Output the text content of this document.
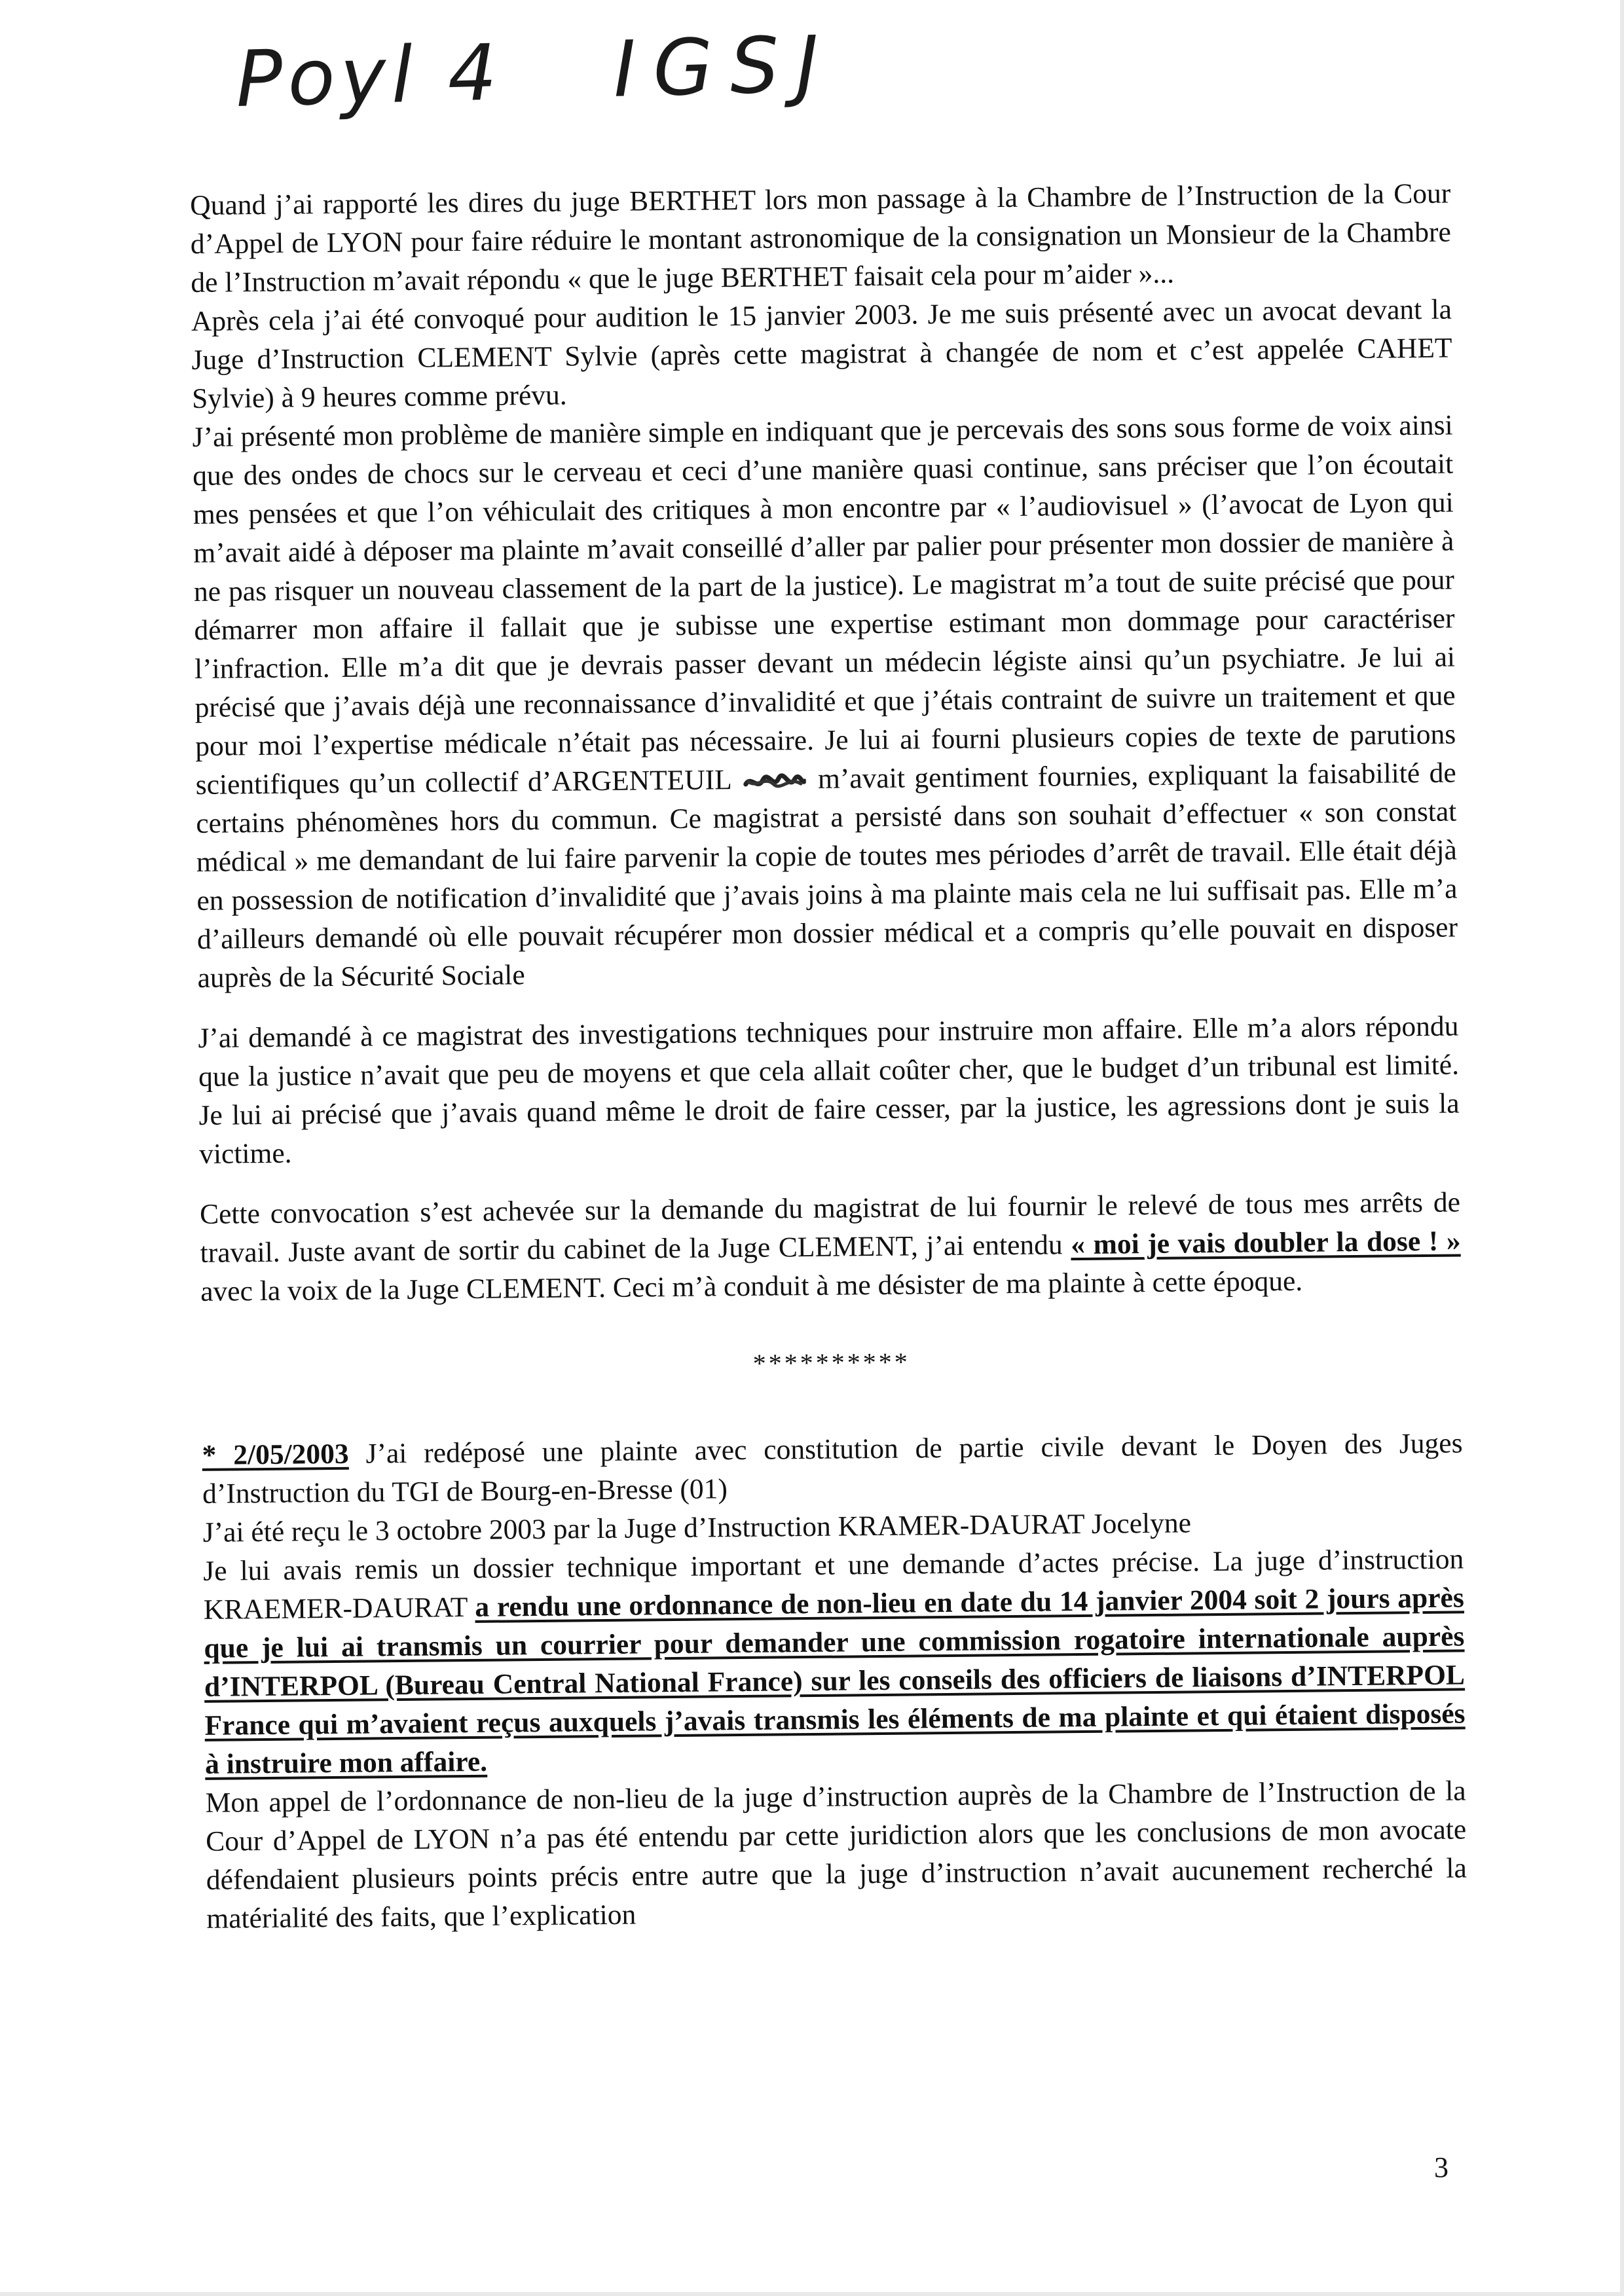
Poyl 4 IGSJ

Quand j’ai rapporté les dires du juge BERTHET lors mon passage à la Chambre de l’Instruction de la Cour d’Appel de LYON pour faire réduire le montant astronomique de la consignation un Monsieur de la Chambre de l’Instruction m’avait répondu « que le juge BERTHET faisait cela pour m’aider »...

Après cela j’ai été convoqué pour audition le 15 janvier 2003. Je me suis présenté avec un avocat devant la Juge d’Instruction CLEMENT Sylvie (après cette magistrat à changée de nom et c’est appelée CAHET Sylvie) à 9 heures comme prévu.

J’ai présenté mon problème de manière simple en indiquant que je percevais des sons sous forme de voix ainsi que des ondes de chocs sur le cerveau et ceci d’une manière quasi continue, sans préciser que l’on écoutait mes pensées et que l’on véhiculait des critiques à mon encontre par « l’audiovisuel » (l’avocat de Lyon qui m’avait aidé à déposer ma plainte m’avait conseillé d’aller par palier pour présenter mon dossier de manière à ne pas risquer un nouveau classement de la part de la justice). Le magistrat m’a tout de suite précisé que pour démarrer mon affaire il fallait que je subisse une expertise estimant mon dommage pour caractériser l’infraction. Elle m’a dit que je devrais passer devant un médecin légiste ainsi qu’un psychiatre. Je lui ai précisé que j’avais déjà une reconnaissance d’invalidité et que j’étais contraint de suivre un traitement et que pour moi l’expertise médicale n’était pas nécessaire. Je lui ai fourni plusieurs copies de texte de parutions scientifiques qu’un collectif d’ARGENTEUIL	m’avait gentiment fournies, expliquant la faisabilité de certains phénomènes hors du commun. Ce magistrat a persisté dans son souhait d’effectuer « son constat médical » me demandant de lui faire parvenir la copie de toutes mes périodes d’arrêt de travail. Elle était déjà en possession de notification d’invalidité que j’avais joins à ma plainte mais cela ne lui suffisait pas. Elle m’a d’ailleurs demandé où elle pouvait récupérer mon dossier médical et a compris qu’elle pouvait en disposer auprès de la Sécurité Sociale

J’ai demandé à ce magistrat des investigations techniques pour instruire mon affaire. Elle m’a alors répondu que la justice n’avait que peu de moyens et que cela allait coûter cher, que le budget d’un tribunal est limité. Je lui ai précisé que j’avais quand même le droit de faire cesser, par la justice, les agressions dont je suis la victime.

Cette convocation s’est achevée sur la demande du magistrat de lui fournir le relevé de tous mes arrêts de travail. Juste avant de sortir du cabinet de la Juge CLEMENT, j’ai entendu « moi je vais doubler la dose ! » avec la voix de la Juge CLEMENT. Ceci m’à conduit à me désister de ma plainte à cette époque.

**********

* 2/05/2003 J’ai redéposé une plainte avec constitution de partie civile devant le Doyen des Juges d’Instruction du TGI de Bourg-en-Bresse (01)

J’ai été reçu le 3 octobre 2003 par la Juge d’Instruction KRAMER-DAURAT Jocelyne

Je lui avais remis un dossier technique important et une demande d’actes précise. La juge d’instruction KRAEMER-DAURAT a rendu une ordonnance de non-lieu en date du 14 janvier 2004 soit 2 jours après que je lui ai transmis un courrier pour demander une commission rogatoire internationale auprès d’INTERPOL (Bureau Central National France) sur les conseils des officiers de liaisons d’INTERPOL France qui m’avaient reçus auxquels j’avais transmis les éléments de ma plainte et qui étaient disposés à instruire mon affaire.

Mon appel de l’ordonnance de non-lieu de la juge d’instruction auprès de la Chambre de l’Instruction de la Cour d’Appel de LYON n’a pas été entendu par cette juridiction alors que les conclusions de mon avocate défendaient plusieurs points précis entre autre que la juge d’instruction n’avait aucunement recherché la matérialité des faits, que l’explication

3
